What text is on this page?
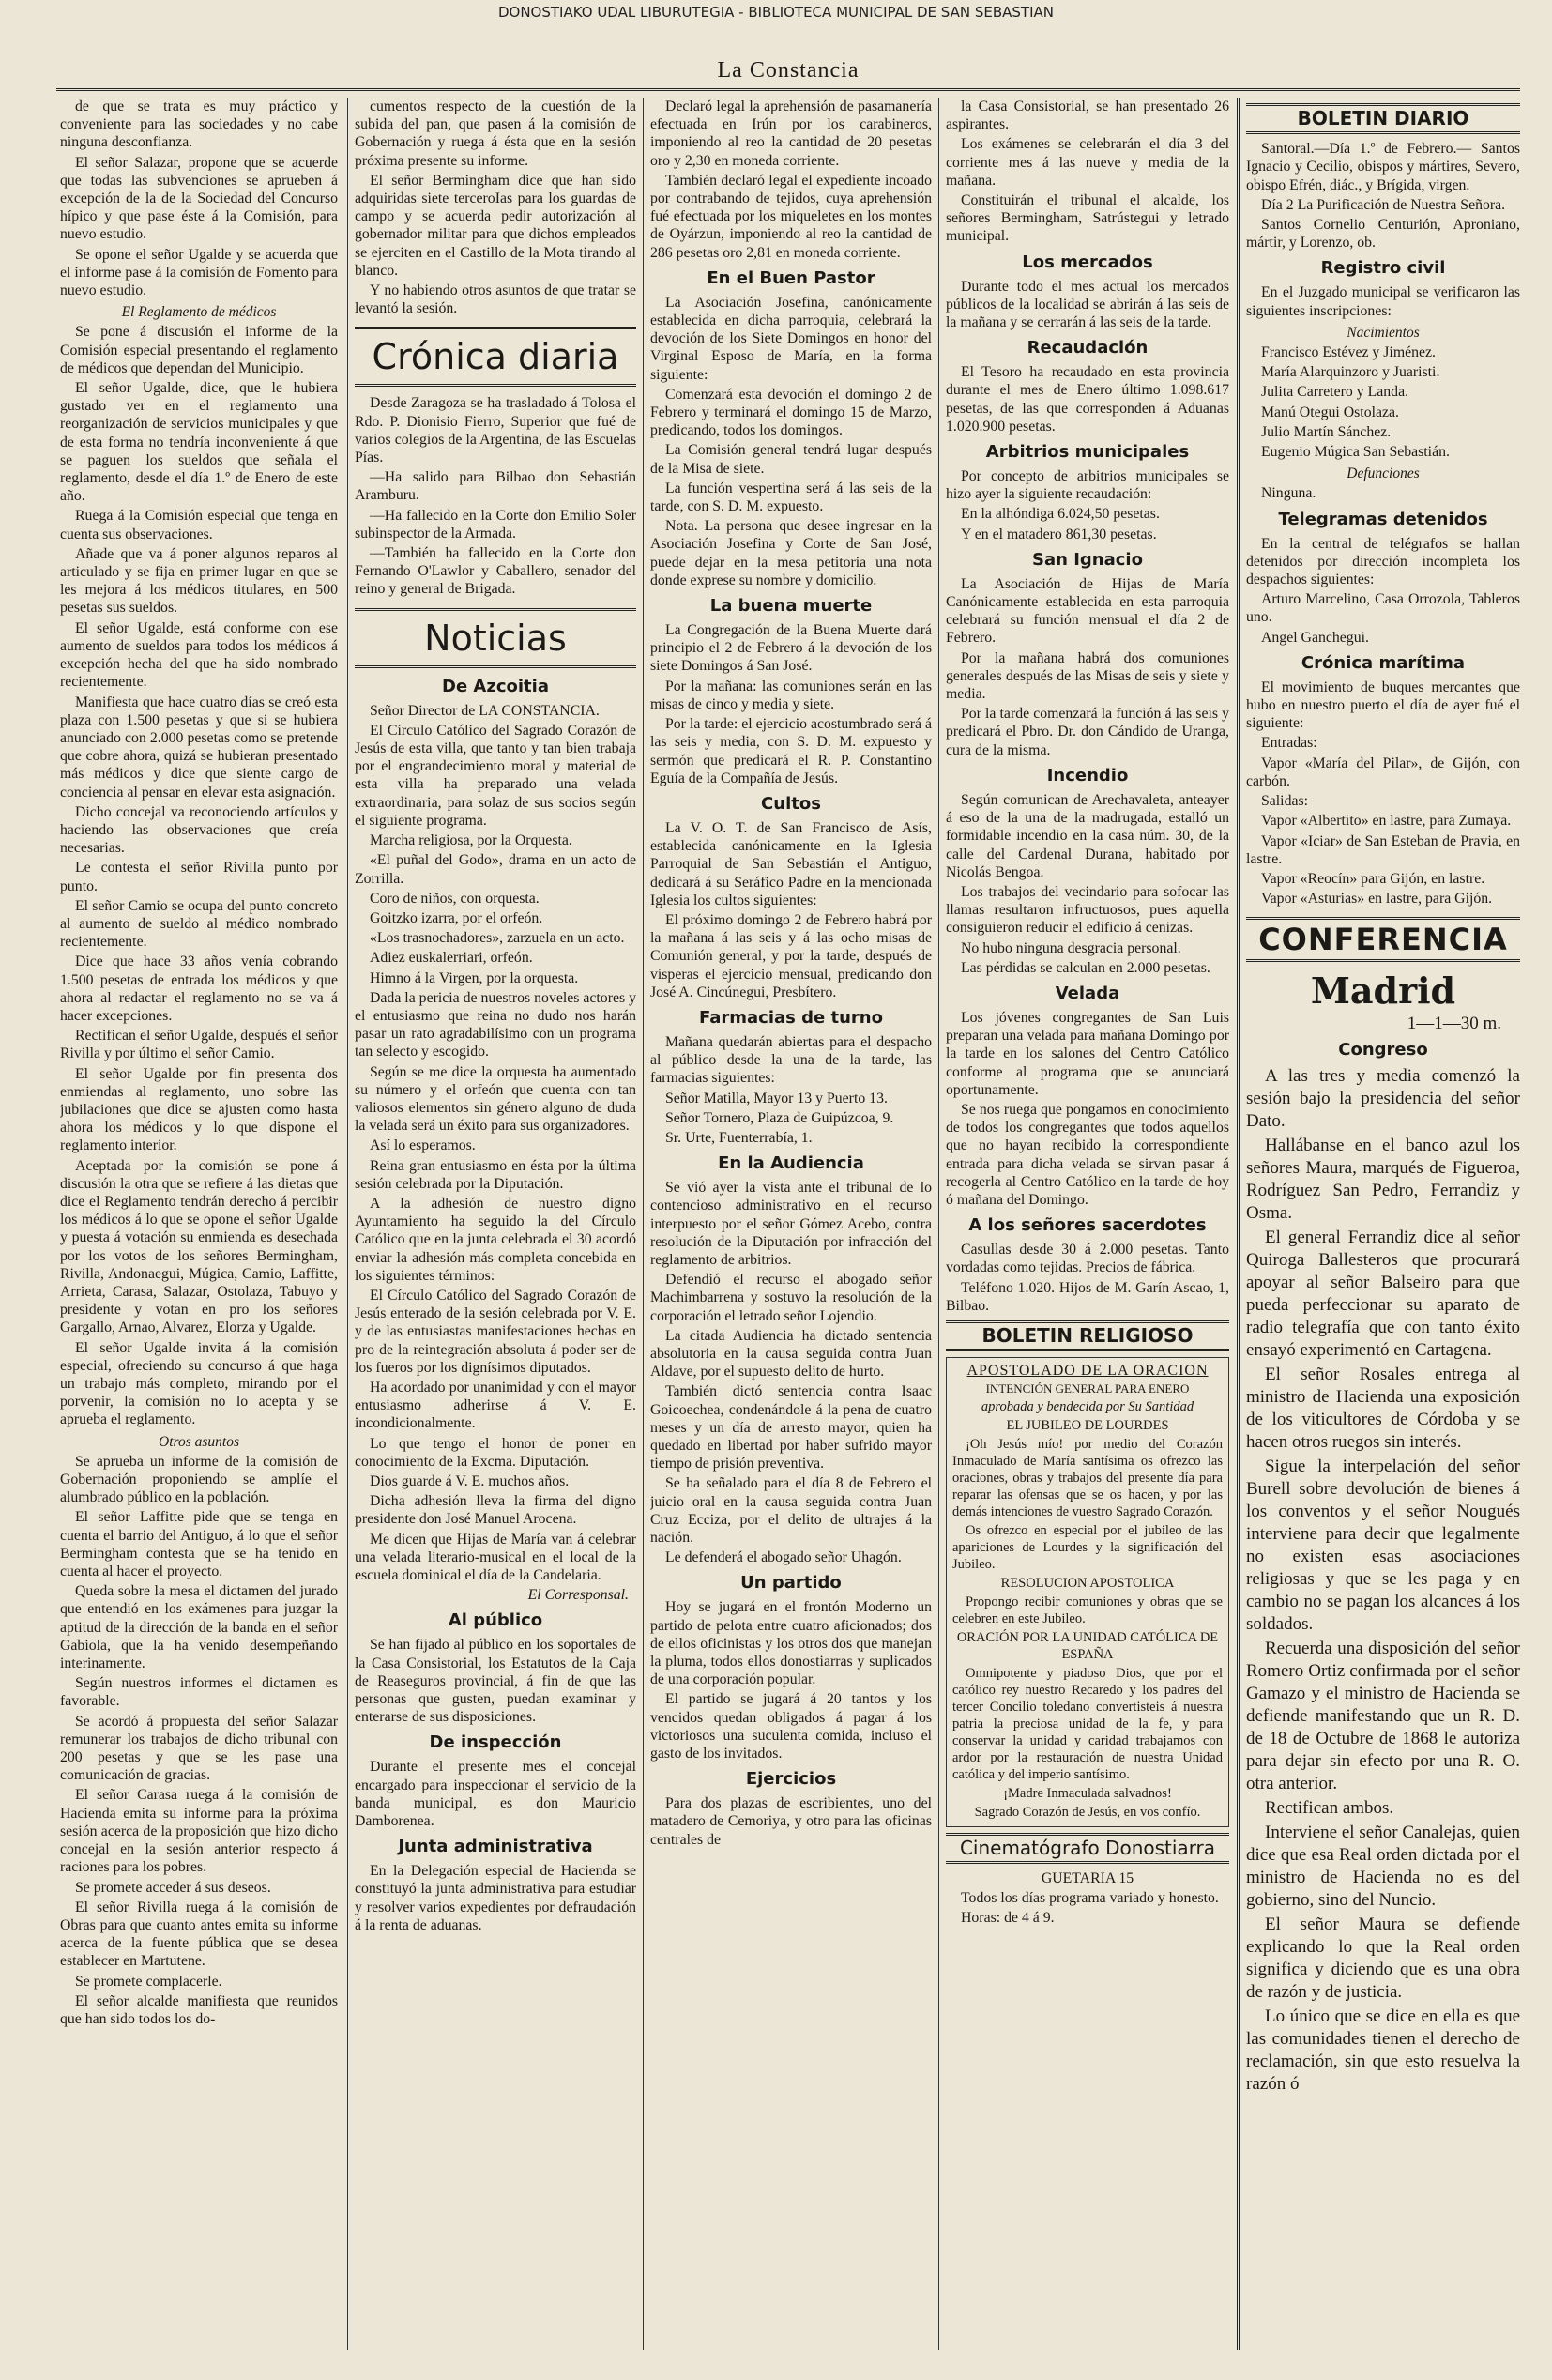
DONOSTIAKO UDAL LIBURUTEGIA - BIBLIOTECA MUNICIPAL DE SAN SEBASTIAN
La Constancia

de que se trata es muy práctico y conveniente para las sociedades y no cabe ninguna desconfianza.

El señor Salazar, propone que se acuerde que todas las subvenciones se aprueben á excepción de la de la Sociedad del Concurso hípico y que pase éste á la Comisión, para nuevo estudio.

Se opone el señor Ugalde y se acuerda que el informe pase á la comisión de Fomento para nuevo estudio.

El Reglamento de médicos

Se pone á discusión el informe de la Comisión especial presentando el reglamento de médicos que dependan del Municipio.

El señor Ugalde, dice, que le hubiera gustado ver en el reglamento una reorganización de servicios municipales y que de esta forma no tendría inconveniente á que se paguen los sueldos que señala el reglamento, desde el día 1.º de Enero de este año.

Ruega á la Comisión especial que tenga en cuenta sus observaciones.

Añade que va á poner algunos reparos al articulado y se fija en primer lugar en que se les mejora á los médicos titulares, en 500 pesetas sus sueldos.

El señor Ugalde, está conforme con ese aumento de sueldos para todos los médicos á excepción hecha del que ha sido nombrado recientemente.

Manifiesta que hace cuatro días se creó esta plaza con 1.500 pesetas y que si se hubiera anunciado con 2.000 pesetas como se pretende que cobre ahora, quizá se hubieran presentado más médicos y dice que siente cargo de conciencia al pensar en elevar esta asignación.

Dicho concejal va reconociendo artículos y haciendo las observaciones que creía necesarias.

Le contesta el señor Rivilla punto por punto.

El señor Camio se ocupa del punto concreto al aumento de sueldo al médico nombrado recientemente.

Dice que hace 33 años venía cobrando 1.500 pesetas de entrada los médicos y que ahora al redactar el reglamento no se va á hacer excepciones.

Rectifican el señor Ugalde, después el señor Rivilla y por último el señor Camio.

El señor Ugalde por fin presenta dos enmiendas al reglamento, uno sobre las jubilaciones que dice se ajusten como hasta ahora los médicos y lo que dispone el reglamento interior.

Aceptada por la comisión se pone á discusión la otra que se refiere á las dietas que dice el Reglamento tendrán derecho á percibir los médicos á lo que se opone el señor Ugalde y puesta á votación su enmienda es desechada por los votos de los señores Bermingham, Rivilla, Andonaegui, Múgica, Camio, Laffitte, Arrieta, Carasa, Salazar, Ostolaza, Tabuyo y presidente y votan en pro los señores Gargallo, Arnao, Alvarez, Elorza y Ugalde.

El señor Ugalde invita á la comisión especial, ofreciendo su concurso á que haga un trabajo más completo, mirando por el porvenir, la comisión no lo acepta y se aprueba el reglamento.

Otros asuntos

Se aprueba un informe de la comisión de Gobernación proponiendo se amplíe el alumbrado público en la población.

El señor Laffitte pide que se tenga en cuenta el barrio del Antiguo, á lo que el señor Bermingham contesta que se ha tenido en cuenta al hacer el proyecto.

Queda sobre la mesa el dictamen del jurado que entendió en los exámenes para juzgar la aptitud de la dirección de la banda en el señor Gabiola, que la ha venido desempeñando interinamente.

Según nuestros informes el dictamen es favorable.

Se acordó á propuesta del señor Salazar remunerar los trabajos de dicho tribunal con 200 pesetas y que se les pase una comunicación de gracias.

El señor Carasa ruega á la comisión de Hacienda emita su informe para la próxima sesión acerca de la proposición que hizo dicho concejal en la sesión anterior respecto á raciones para los pobres.

Se promete acceder á sus deseos.

El señor Rivilla ruega á la comisión de Obras para que cuanto antes emita su informe acerca de la fuente pública que se desea establecer en Martutene.

Se promete complacerle.

El señor alcalde manifiesta que reunidos que han sido todos los do-

cumentos respecto de la cuestión de la subida del pan, que pasen á la comisión de Gobernación y ruega á ésta que en la sesión próxima presente su informe.

El señor Bermingham dice que han sido adquiridas siete terceroIas para los guardas de campo y se acuerda pedir autorización al gobernador militar para que dichos empleados se ejerciten en el Castillo de la Mota tirando al blanco.

Y no habiendo otros asuntos de que tratar se levantó la sesión.

Crónica diaria

Desde Zaragoza se ha trasladado á Tolosa el Rdo. P. Dionisio Fierro, Superior que fué de varios colegios de la Argentina, de las Escuelas Pías.

—Ha salido para Bilbao don Sebastián Aramburu.

—Ha fallecido en la Corte don Emilio Soler subinspector de la Armada.

—También ha fallecido en la Corte don Fernando O'Lawlor y Caballero, senador del reino y general de Brigada.

Noticias
De Azcoitia

Señor Director de LA CONSTANCIA.

El Círculo Católico del Sagrado Corazón de Jesús de esta villa, que tanto y tan bien trabaja por el engrandecimiento moral y material de esta villa ha preparado una velada extraordinaria, para solaz de sus socios según el siguiente programa.

Marcha religiosa, por la Orquesta.

«El puñal del Godo», drama en un acto de Zorrilla.

Coro de niños, con orquesta.

Goitzko izarra, por el orfeón.

«Los trasnochadores», zarzuela en un acto.

Adiez euskalerriari, orfeón.

Himno á la Virgen, por la orquesta.

Dada la pericia de nuestros noveles actores y el entusiasmo que reina no dudo nos harán pasar un rato agradabilísimo con un programa tan selecto y escogido.

Según se me dice la orquesta ha aumentado su número y el orfeón que cuenta con tan valiosos elementos sin género alguno de duda la velada será un éxito para sus organizadores.

Así lo esperamos.

Reina gran entusiasmo en ésta por la última sesión celebrada por la Diputación.

A la adhesión de nuestro digno Ayuntamiento ha seguido la del Círculo Católico que en la junta celebrada el 30 acordó enviar la adhesión más completa concebida en los siguientes términos:

El Círculo Católico del Sagrado Corazón de Jesús enterado de la sesión celebrada por V. E. y de las entusiastas manifestaciones hechas en pro de la reintegración absoluta á poder ser de los fueros por los dignísimos diputados.

Ha acordado por unanimidad y con el mayor entusiasmo adherirse á V. E. incondicionalmente.

Lo que tengo el honor de poner en conocimiento de la Excma. Diputación.

Dios guarde á V. E. muchos años.

Dicha adhesión lleva la firma del digno presidente don José Manuel Arocena.

Me dicen que Hijas de María van á celebrar una velada literario-musical en el local de la escuela dominical el día de la Candelaria.

El Corresponsal.
Al público

Se han fijado al público en los soportales de la Casa Consistorial, los Estatutos de la Caja de Reaseguros provincial, á fin de que las personas que gusten, puedan examinar y enterarse de sus disposiciones.

De inspección

Durante el presente mes el concejal encargado para inspeccionar el servicio de la banda municipal, es don Mauricio Damborenea.

Junta administrativa

En la Delegación especial de Hacienda se constituyó la junta administrativa para estudiar y resolver varios expedientes por defraudación á la renta de aduanas.

Declaró legal la aprehensión de pasamanería efectuada en Irún por los carabineros, imponiendo al reo la cantidad de 20 pesetas oro y 2,30 en moneda corriente.

También declaró legal el expediente incoado por contrabando de tejidos, cuya aprehensión fué efectuada por los miqueletes en los montes de Oyárzun, imponiendo al reo la cantidad de 286 pesetas oro 2,81 en moneda corriente.

En el Buen Pastor

La Asociación Josefina, canónicamente establecida en dicha parroquia, celebrará la devoción de los Siete Domingos en honor del Virginal Esposo de María, en la forma siguiente:

Comenzará esta devoción el domingo 2 de Febrero y terminará el domingo 15 de Marzo, predicando, todos los domingos.

La Comisión general tendrá lugar después de la Misa de siete.

La función vespertina será á las seis de la tarde, con S. D. M. expuesto.

Nota. La persona que desee ingresar en la Asociación Josefina y Corte de San José, puede dejar en la mesa petitoria una nota donde exprese su nombre y domicilio.

La buena muerte

La Congregación de la Buena Muerte dará principio el 2 de Febrero á la devoción de los siete Domingos á San José.

Por la mañana: las comuniones serán en las misas de cinco y media y siete.

Por la tarde: el ejercicio acostumbrado será á las seis y media, con S. D. M. expuesto y sermón que predicará el R. P. Constantino Eguía de la Compañía de Jesús.

Cultos

La V. O. T. de San Francisco de Asís, establecida canónicamente en la Iglesia Parroquial de San Sebastián el Antiguo, dedicará á su Seráfico Padre en la mencionada Iglesia los cultos siguientes:

El próximo domingo 2 de Febrero habrá por la mañana á las seis y á las ocho misas de Comunión general, y por la tarde, después de vísperas el ejercicio mensual, predicando don José A. Cincúnegui, Presbítero.

Farmacias de turno

Mañana quedarán abiertas para el despacho al público desde la una de la tarde, las farmacias siguientes:

Señor Matilla, Mayor 13 y Puerto 13.

Señor Tornero, Plaza de Guipúzcoa, 9.

Sr. Urte, Fuenterrabía, 1.

En la Audiencia

Se vió ayer la vista ante el tribunal de lo contencioso administrativo en el recurso interpuesto por el señor Gómez Acebo, contra resolución de la Diputación por infracción del reglamento de arbitrios.

Defendió el recurso el abogado señor Machimbarrena y sostuvo la resolución de la corporación el letrado señor Lojendio.

La citada Audiencia ha dictado sentencia absolutoria en la causa seguida contra Juan Aldave, por el supuesto delito de hurto.

También dictó sentencia contra Isaac Goicoechea, condenándole á la pena de cuatro meses y un día de arresto mayor, quien ha quedado en libertad por haber sufrido mayor tiempo de prisión preventiva.

Se ha señalado para el día 8 de Febrero el juicio oral en la causa seguida contra Juan Cruz Ecciza, por el delito de ultrajes á la nación.

Le defenderá el abogado señor Uhagón.

Un partido

Hoy se jugará en el frontón Moderno un partido de pelota entre cuatro aficionados; dos de ellos oficinistas y los otros dos que manejan la pluma, todos ellos donostiarras y suplicados de una corporación popular.

El partido se jugará á 20 tantos y los vencidos quedan obligados á pagar á los victoriosos una suculenta comida, incluso el gasto de los invitados.

Ejercicios

Para dos plazas de escribientes, uno del matadero de Cemoriya, y otro para las oficinas centrales de

la Casa Consistorial, se han presentado 26 aspirantes.

Los exámenes se celebrarán el día 3 del corriente mes á las nueve y media de la mañana.

Constituirán el tribunal el alcalde, los señores Bermingham, Satrústegui y letrado municipal.

Los mercados

Durante todo el mes actual los mercados públicos de la localidad se abrirán á las seis de la mañana y se cerrarán á las seis de la tarde.

Recaudación

El Tesoro ha recaudado en esta provincia durante el mes de Enero último 1.098.617 pesetas, de las que corresponden á Aduanas 1.020.900 pesetas.

Arbitrios municipales

Por concepto de arbitrios municipales se hizo ayer la siguiente recaudación:

En la alhóndiga 6.024,50 pesetas.

Y en el matadero 861,30 pesetas.

San Ignacio

La Asociación de Hijas de María Canónicamente establecida en esta parroquia celebrará su función mensual el día 2 de Febrero.

Por la mañana habrá dos comuniones generales después de las Misas de seis y siete y media.

Por la tarde comenzará la función á las seis y predicará el Pbro. Dr. don Cándido de Uranga, cura de la misma.

Incendio

Según comunican de Arechavaleta, anteayer á eso de la una de la madrugada, estalló un formidable incendio en la casa núm. 30, de la calle del Cardenal Durana, habitado por Nicolás Bengoa.

Los trabajos del vecindario para sofocar las llamas resultaron infructuosos, pues aquella consiguieron reducir el edificio á cenizas.

No hubo ninguna desgracia personal.

Las pérdidas se calculan en 2.000 pesetas.

Velada

Los jóvenes congregantes de San Luis preparan una velada para mañana Domingo por la tarde en los salones del Centro Católico conforme al programa que se anunciará oportunamente.

Se nos ruega que pongamos en conocimiento de todos los congregantes que todos aquellos que no hayan recibido la correspondiente entrada para dicha velada se sirvan pasar á recogerla al Centro Católico en la tarde de hoy ó mañana del Domingo.

A los señores sacerdotes

Casullas desde 30 á 2.000 pesetas. Tanto vordadas como tejidas. Precios de fábrica.

Teléfono 1.020. Hijos de M. Garín Ascao, 1, Bilbao.

BOLETIN RELIGIOSO
APOSTOLADO DE LA ORACION
INTENCIÓN GENERAL PARA ENERO

aprobada y bendecida por Su Santidad

EL JUBILEO DE LOURDES

¡Oh Jesús mío! por medio del Corazón Inmaculado de María santísima os ofrezco las oraciones, obras y trabajos del presente día para reparar las ofensas que se os hacen, y por las demás intenciones de vuestro Sagrado Corazón.

Os ofrezco en especial por el jubileo de las apariciones de Lourdes y la significación del Jubileo.

RESOLUCION APOSTOLICA

Propongo recibir comuniones y obras que se celebren en este Jubileo.

ORACIÓN POR LA UNIDAD CATÓLICA DE ESPAÑA

Omnipotente y piadoso Dios, que por el católico rey nuestro Recaredo y los padres del tercer Concilio toledano convertisteis á nuestra patria la preciosa unidad de la fe, y para conservar la unidad y caridad trabajamos con ardor por la restauración de nuestra Unidad católica y del imperio santísimo.

¡Madre Inmaculada salvadnos!

Sagrado Corazón de Jesús, en vos confío.

Cinematógrafo Donostiarra

GUETARIA 15

Todos los días programa variado y honesto.

Horas: de 4 á 9.

BOLETIN DIARIO

Santoral.—Día 1.º de Febrero.— Santos Ignacio y Cecilio, obispos y mártires, Severo, obispo Efrén, diác., y Brígida, virgen.

Día 2 La Purificación de Nuestra Señora.

Santos Cornelio Centurión, Aproniano, mártir, y Lorenzo, ob.

Registro civil

En el Juzgado municipal se verificaron las siguientes inscripciones:

Nacimientos

Francisco Estévez y Jiménez.

María Alarquinzoro y Juaristi.

Julita Carretero y Landa.

Manú Otegui Ostolaza.

Julio Martín Sánchez.

Eugenio Múgica San Sebastián.

Defunciones

Ninguna.

Telegramas detenidos

En la central de telégrafos se hallan detenidos por dirección incompleta los despachos siguientes:

Arturo Marcelino, Casa Orrozola, Tableros uno.

Angel Ganchegui.

Crónica marítima

El movimiento de buques mercantes que hubo en nuestro puerto el día de ayer fué el siguiente:

Entradas:

Vapor «María del Pilar», de Gijón, con carbón.

Salidas:

Vapor «Albertito» en lastre, para Zumaya.

Vapor «Iciar» de San Esteban de Pravia, en lastre.

Vapor «Reocín» para Gijón, en lastre.

Vapor «Asturias» en lastre, para Gijón.

CONFERENCIA
Madrid
1—1—30 m.
Congreso

A las tres y media comenzó la sesión bajo la presidencia del señor Dato.

Hallábanse en el banco azul los señores Maura, marqués de Figueroa, Rodríguez San Pedro, Ferrandiz y Osma.

El general Ferrandiz dice al señor Quiroga Ballesteros que procurará apoyar al señor Balseiro para que pueda perfeccionar su aparato de radio telegrafía que con tanto éxito ensayó experimentó en Cartagena.

El señor Rosales entrega al ministro de Hacienda una exposición de los viticultores de Córdoba y se hacen otros ruegos sin interés.

Sigue la interpelación del señor Burell sobre devolución de bienes á los conventos y el señor Nougués interviene para decir que legalmente no existen esas asociaciones religiosas y que se les paga y en cambio no se pagan los alcances á los soldados.

Recuerda una disposición del señor Romero Ortiz confirmada por el señor Gamazo y el ministro de Hacienda se defiende manifestando que un R. D. de 18 de Octubre de 1868 le autoriza para dejar sin efecto por una R. O. otra anterior.

Rectifican ambos.

Interviene el señor Canalejas, quien dice que esa Real orden dictada por el ministro de Hacienda no es del gobierno, sino del Nuncio.

El señor Maura se defiende explicando lo que la Real orden significa y diciendo que es una obra de razón y de justicia.

Lo único que se dice en ella es que las comunidades tienen el derecho de reclamación, sin que esto resuelva la razón ó
